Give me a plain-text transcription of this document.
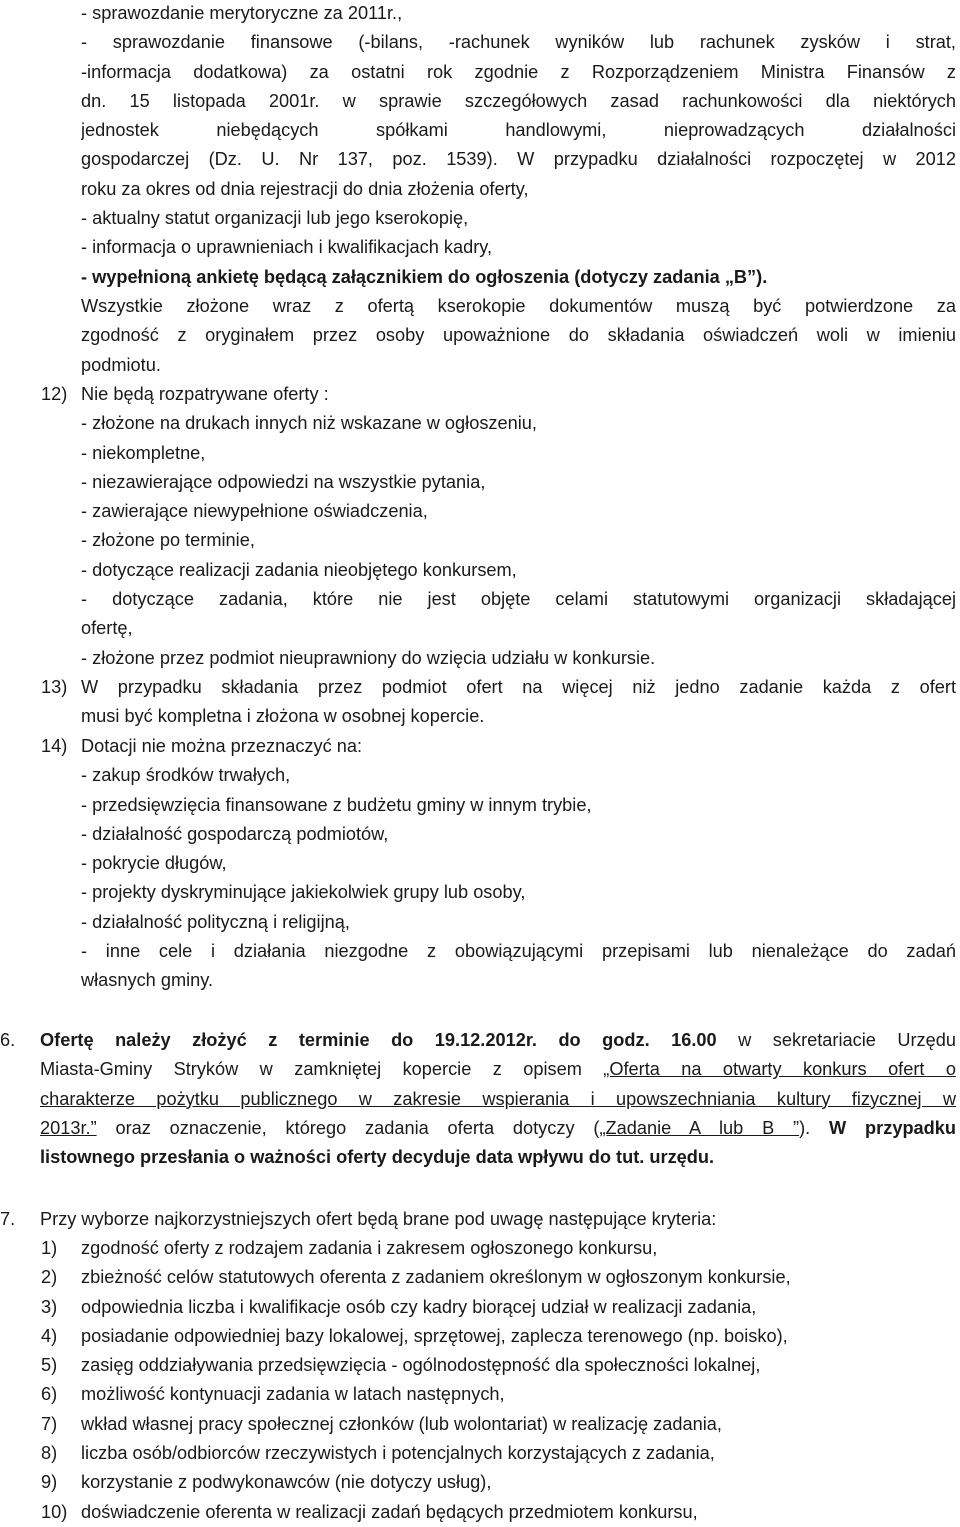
- sprawozdanie merytoryczne za 2011r.,
- sprawozdanie finansowe (-bilans, -rachunek wyników lub rachunek zysków i strat,
-informacja dodatkowa) za ostatni rok zgodnie z Rozporządzeniem Ministra Finansów z
dn. 15 listopada 2001r. w sprawie szczegółowych zasad rachunkowości dla niektórych
jednostek niebędących spółkami handlowymi, nieprowadzących działalności
gospodarczej (Dz. U. Nr 137, poz. 1539). W przypadku działalności rozpoczętej w 2012
roku za okres od dnia rejestracji do dnia złożenia oferty,
- aktualny statut organizacji lub jego kserokopię,
- informacja o uprawnieniach i kwalifikacjach kadry,
- wypełnioną ankietę będącą załącznikiem do ogłoszenia (dotyczy zadania „B”).
Wszystkie złożone wraz z ofertą kserokopie dokumentów muszą być potwierdzone za
zgodność z oryginałem przez osoby upoważnione do składania oświadczeń woli w imieniu
podmiotu.
12) Nie będą rozpatrywane oferty :
- złożone na drukach innych niż wskazane w ogłoszeniu,
- niekompletne,
- niezawierające odpowiedzi na wszystkie pytania,
- zawierające niewypełnione oświadczenia,
- złożone po terminie,
- dotyczące realizacji zadania nieobjętego konkursem,
- dotyczące zadania, które nie jest objęte celami statutowymi organizacji składającej
ofertę,
- złożone przez podmiot nieuprawniony do wzięcia udziału w konkursie.
13) W przypadku składania przez podmiot ofert na więcej niż jedno zadanie każda z ofert
musi być kompletna i złożona w osobnej kopercie.
14) Dotacji nie można przeznaczyć na:
- zakup środków trwałych,
- przedsięwzięcia finansowane z budżetu gminy w innym trybie,
- działalność gospodarczą podmiotów,
- pokrycie długów,
- projekty dyskryminujące jakiekolwiek grupy lub osoby,
- działalność polityczną i religijną,
- inne cele i działania niezgodne z obowiązującymi przepisami lub nienależące do zadań
własnych gminy.
6.	Ofertę należy złożyć z terminie do 19.12.2012r. do godz. 16.00 w sekretariacie Urzędu
Miasta-Gminy Stryków w zamkniętej kopercie z opisem „Oferta na otwarty konkurs ofert o
charakterze pożytku publicznego w zakresie wspierania i upowszechniania kultury fizycznej w
2013r.” oraz oznaczenie, którego zadania oferta dotyczy („Zadanie A lub B ”). W przypadku
listownego przesłania o ważności oferty decyduje data wpływu do tut. urzędu.
7.	Przy wyborze najkorzystniejszych ofert będą brane pod uwagę następujące kryteria:
1)	zgodność oferty z rodzajem zadania i zakresem ogłoszonego konkursu,
2)	zbieżność celów statutowych oferenta z zadaniem określonym w ogłoszonym konkursie,
3)	odpowiednia liczba i kwalifikacje osób czy kadry biorącej udział w realizacji zadania,
4)	posiadanie odpowiedniej bazy lokalowej, sprzętowej, zaplecza terenowego (np. boisko),
5)	zasięg oddziaływania przedsięwzięcia - ogólnodostępność dla społeczności lokalnej,
6)	możliwość kontynuacji zadania w latach następnych,
7)	wkład własnej pracy społecznej członków (lub wolontariat) w realizację zadania,
8)	liczba osób/odbiorców rzeczywistych i potencjalnych korzystających z zadania,
9)	korzystanie z podwykonawców (nie dotyczy usług),
10) doświadczenie oferenta w realizacji zadań będących przedmiotem konkursu,
